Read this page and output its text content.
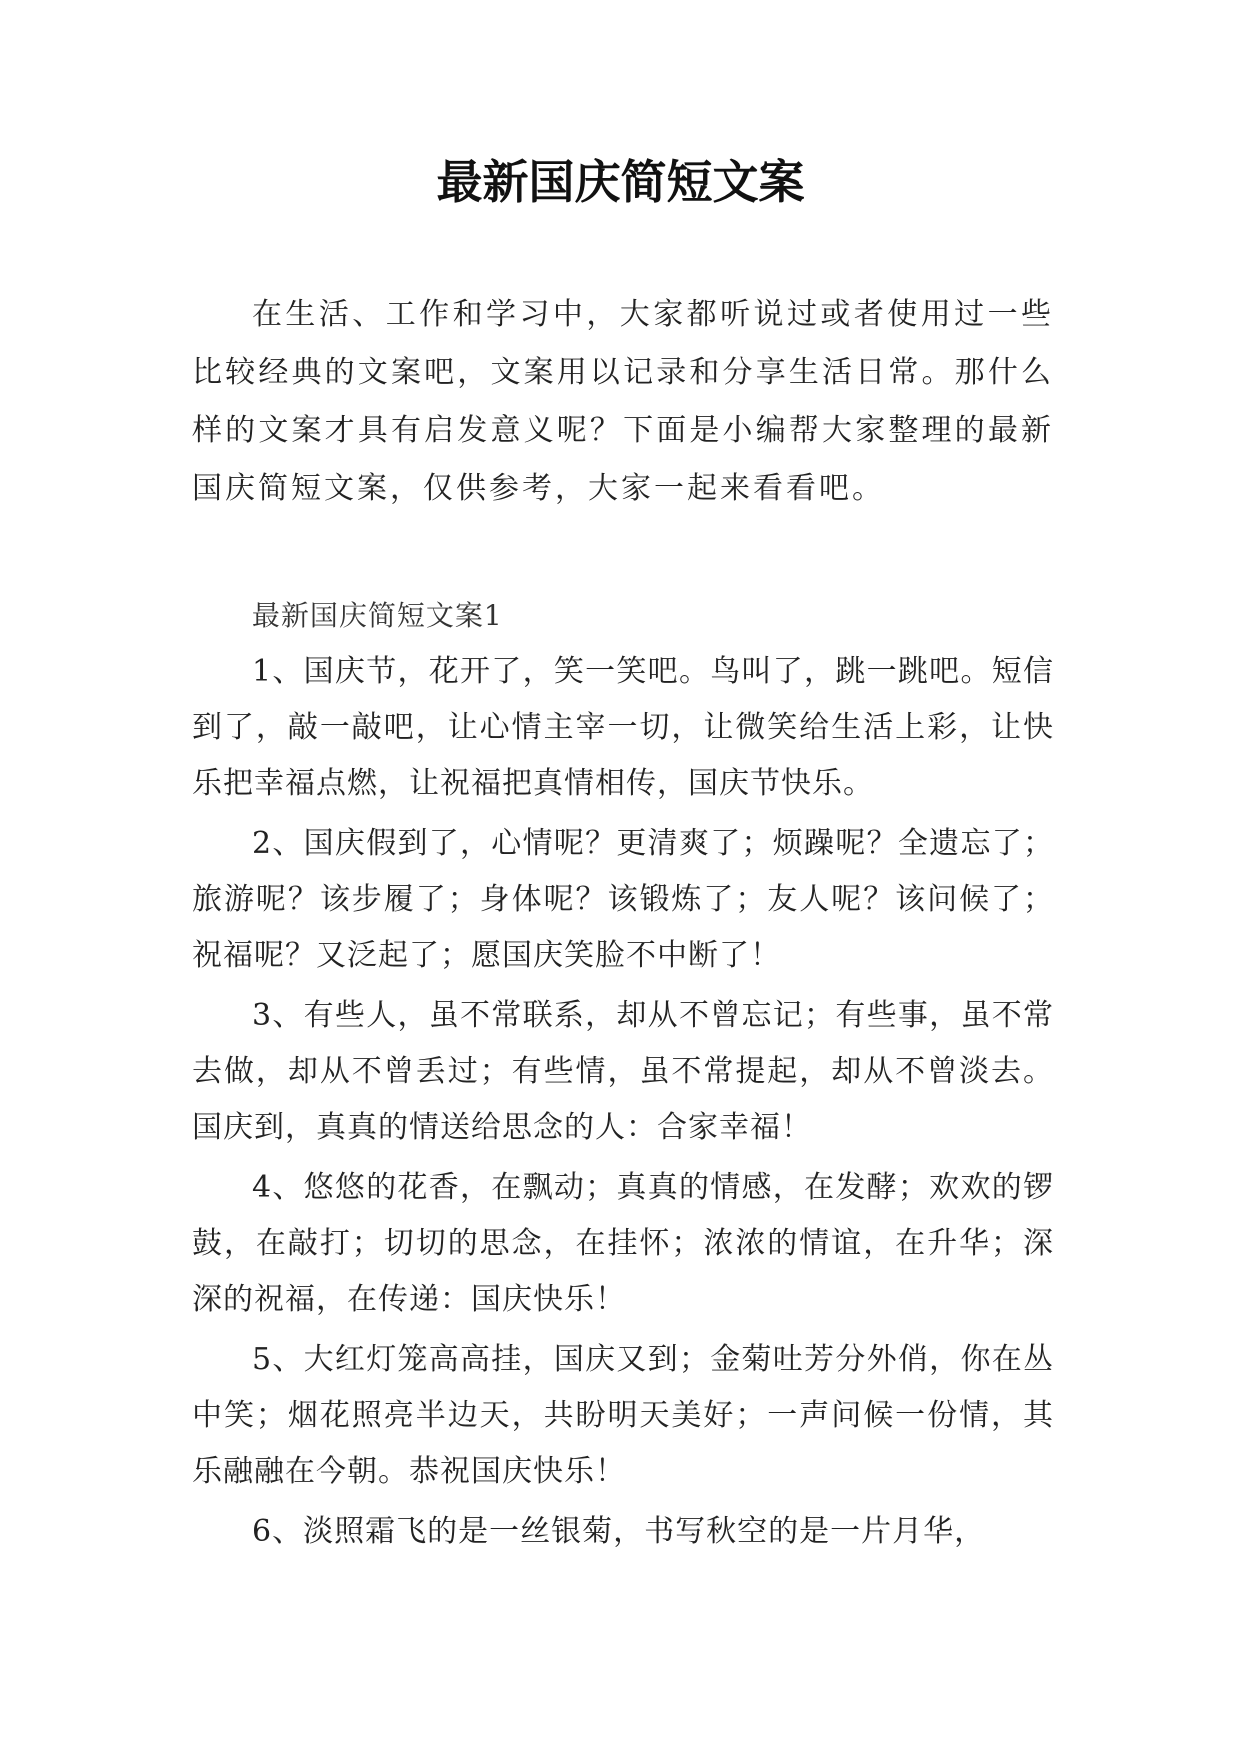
最新国庆简短文案

在生活、工作和学习中，大家都听说过或者使用过一些比较经典的文案吧，文案用以记录和分享生活日常。那什么样的文案才具有启发意义呢？下面是小编帮大家整理的最新国庆简短文案，仅供参考，大家一起来看看吧。

最新国庆简短文案1

1、国庆节，花开了，笑一笑吧。鸟叫了，跳一跳吧。短信到了，敲一敲吧，让心情主宰一切，让微笑给生活上彩，让快乐把幸福点燃，让祝福把真情相传，国庆节快乐。

2、国庆假到了，心情呢？更清爽了；烦躁呢？全遗忘了；旅游呢？该步履了；身体呢？该锻炼了；友人呢？该问候了；祝福呢？又泛起了；愿国庆笑脸不中断了！

3、有些人，虽不常联系，却从不曾忘记；有些事，虽不常去做，却从不曾丢过；有些情，虽不常提起，却从不曾淡去。国庆到，真真的情送给思念的人：合家幸福！

4、悠悠的花香，在飘动；真真的情感，在发酵；欢欢的锣鼓，在敲打；切切的思念，在挂怀；浓浓的情谊，在升华；深深的祝福，在传递：国庆快乐！

5、大红灯笼高高挂，国庆又到；金菊吐芳分外俏，你在丛中笑；烟花照亮半边天，共盼明天美好；一声问候一份情，其乐融融在今朝。恭祝国庆快乐！

6、淡照霜飞的是一丝银菊，书写秋空的是一片月华，
